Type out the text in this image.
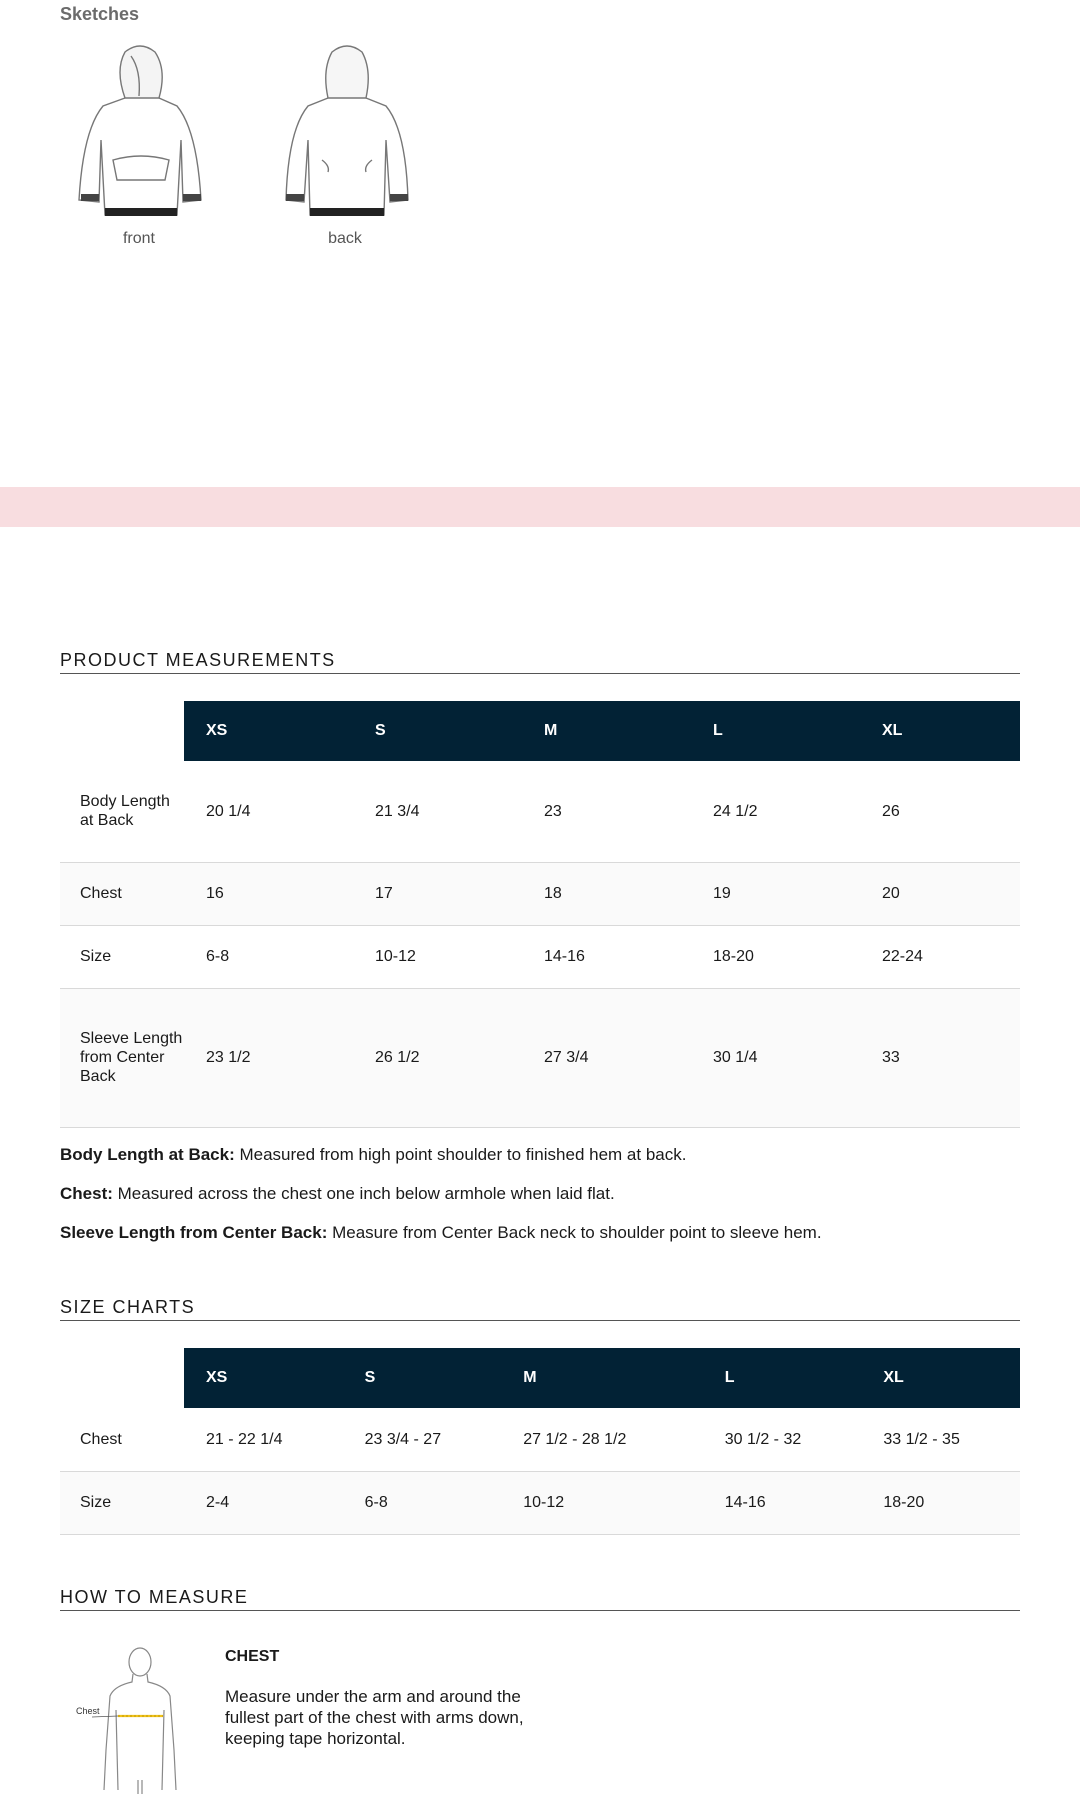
Sketches
front	back
PRODUCT MEASUREMENTS
	XS	S	M	L	XL
Body Length at Back	20 1/4	21 3/4	23	24 1/2	26
Chest	16	17	18	19	20
Size	6-8	10-12	14-16	18-20	22-24
Sleeve Length from Center Back	23 1/2	26 1/2	27 3/4	30 1/4	33
Body Length at Back: Measured from high point shoulder to finished hem at back.
Chest: Measured across the chest one inch below armhole when laid flat.
Sleeve Length from Center Back: Measure from Center Back neck to shoulder point to sleeve hem.
SIZE CHARTS
	XS	S	M	L	XL
Chest	21 - 22 1/4	23 3/4 - 27	27 1/2 - 28 1/2	30 1/2 - 32	33 1/2 - 35
Size	2-4	6-8	10-12	14-16	18-20
HOW TO MEASURE
Chest
CHEST
Measure under the arm and around the fullest part of the chest with arms down, keeping tape horizontal.
